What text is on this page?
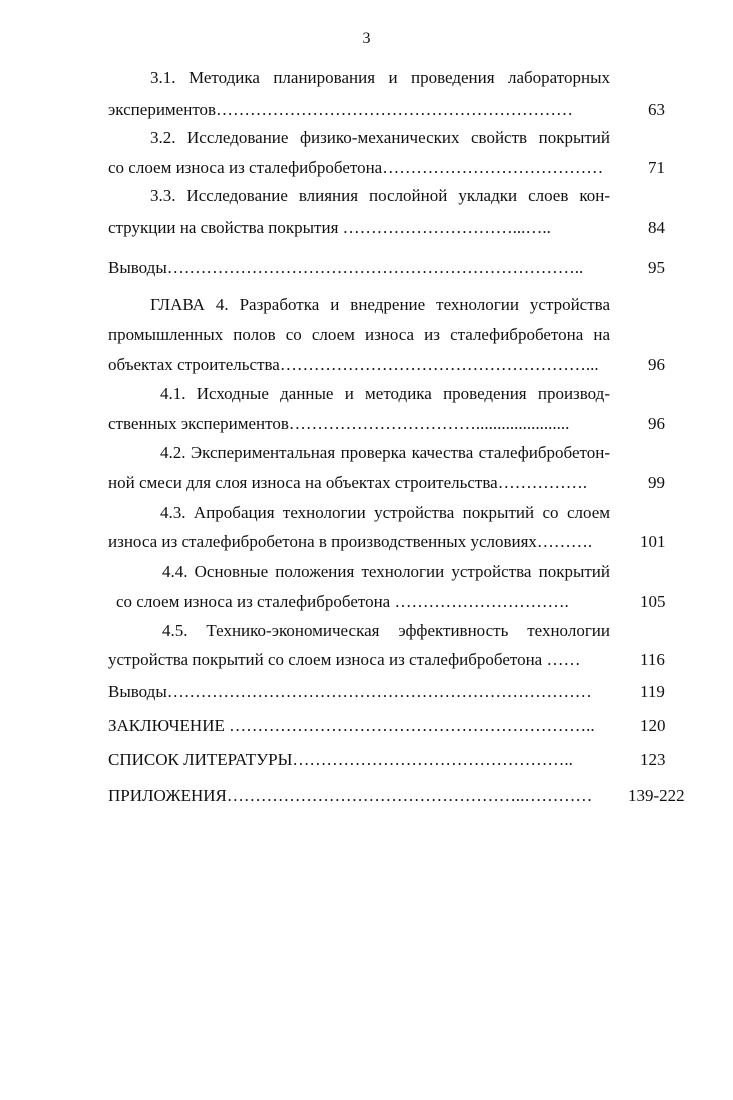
3
3.1. Методика планирования и проведения лабораторных
экспериментов………………………………………………………	63
3.2. Исследование физико-механических свойств покрытий
со слоем износа из сталефибробетона…………………………………	71
3.3. Исследование влияния послойной укладки слоев кон-
струкции на свойства покрытия …………………………...…..	84
Выводы………………………………………………………………..	95
ГЛАВА 4. Разработка и внедрение технологии устройства
промышленных полов со слоем износа из сталефибробетона на
объектах строительства………………………………………………...	96
4.1. Исходные данные и методика проведения производ-
ственных экспериментов……………………………......................	96
4.2. Экспериментальная проверка качества сталефибробетон-
ной смеси для слоя износа на объектах строительства…………….	99
4.3. Апробация технологии устройства покрытий со слоем
износа из сталефибробетона в производственных условиях……….	101
4.4. Основные положения технологии устройства покрытий
со слоем износа из сталефибробетона ………………………….	105
4.5. Технико-экономическая эффективность технологии
устройства покрытий со слоем износа из сталефибробетона ……	116
Выводы…………………………………………………………………	119
ЗАКЛЮЧЕНИЕ ………………………………………………………..	120
СПИСОК ЛИТЕРАТУРЫ…………………………………………..	123
ПРИЛОЖЕНИЯ……………………………………………..………… 139-222
